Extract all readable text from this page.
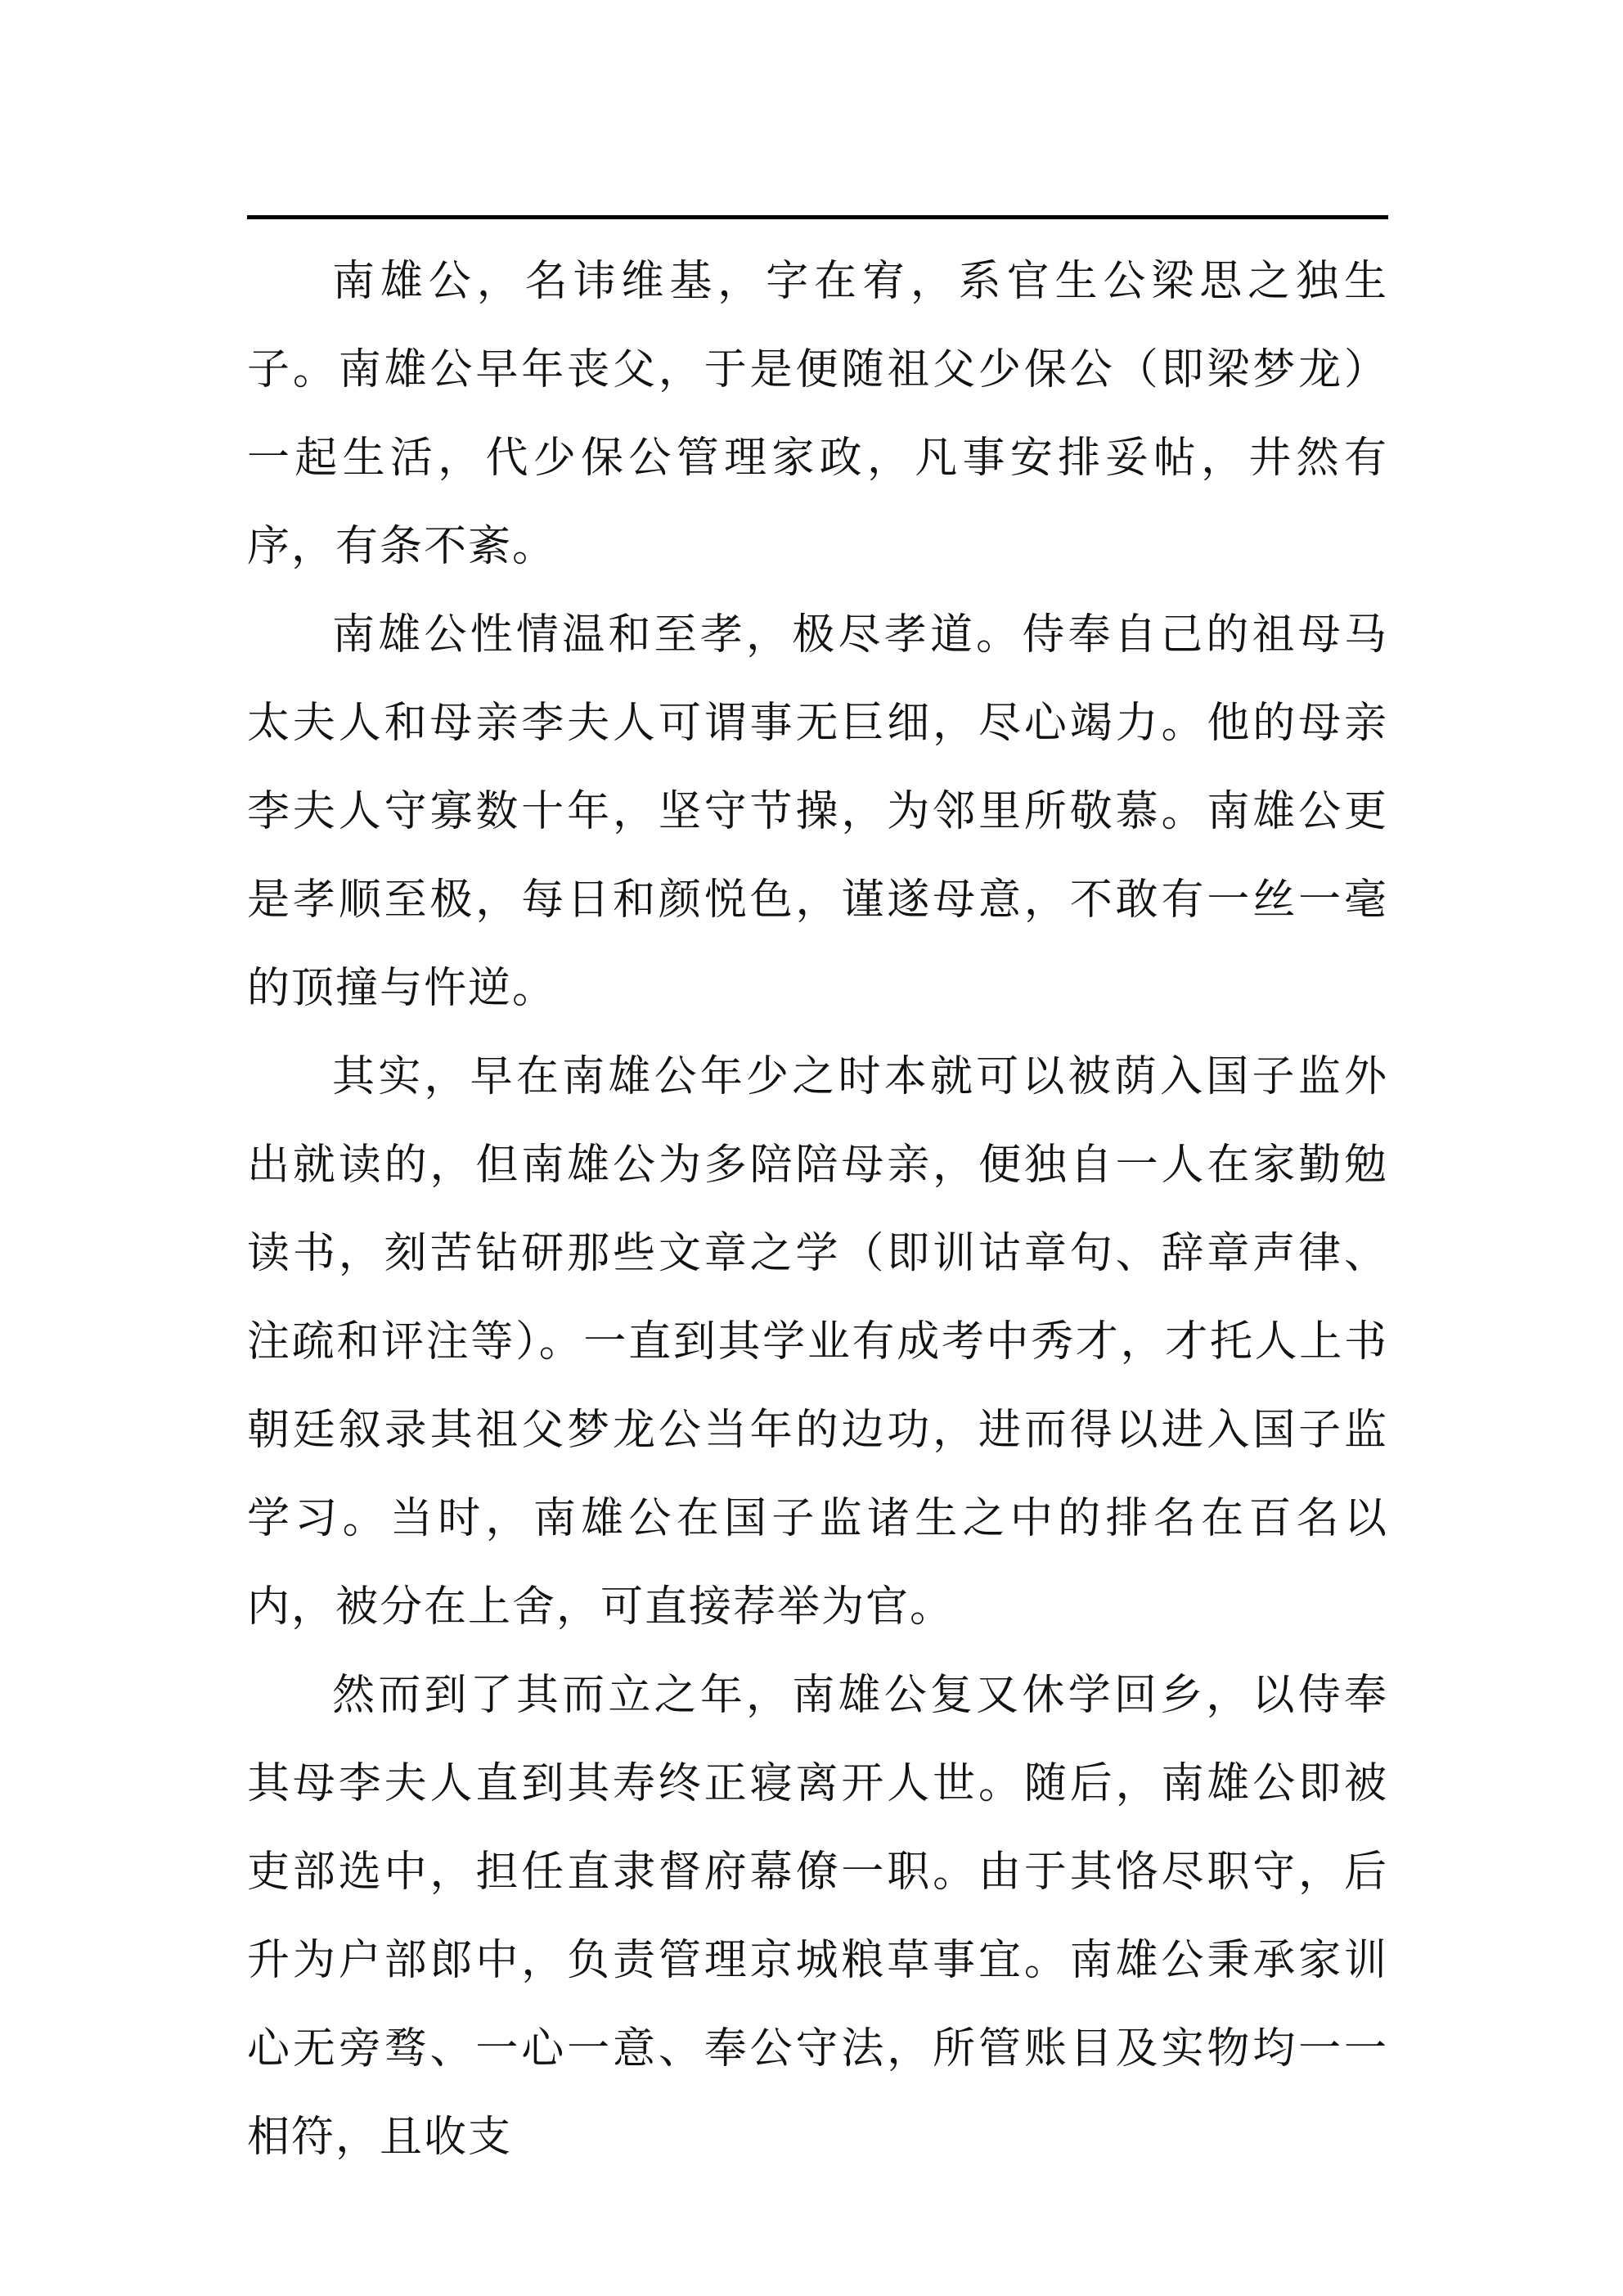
南雄公，名讳维基，字在宥，系官生公梁思之独生子。南雄公早年丧父，于是便随祖父少保公（即梁梦龙）一起生活，代少保公管理家政，凡事安排妥帖，井然有序，有条不紊。

南雄公性情温和至孝，极尽孝道。侍奉自己的祖母马太夫人和母亲李夫人可谓事无巨细，尽心竭力。他的母亲李夫人守寡数十年，坚守节操，为邻里所敬慕。南雄公更是孝顺至极，每日和颜悦色，谨遂母意，不敢有一丝一毫的顶撞与忤逆。

其实，早在南雄公年少之时本就可以被荫入国子监外出就读的，但南雄公为多陪陪母亲，便独自一人在家勤勉读书，刻苦钻研那些文章之学（即训诂章句、辞章声律、注疏和评注等）。一直到其学业有成考中秀才，才托人上书朝廷叙录其祖父梦龙公当年的边功，进而得以进入国子监学习。当时，南雄公在国子监诸生之中的排名在百名以内，被分在上舍，可直接荐举为官。

然而到了其而立之年，南雄公复又休学回乡，以侍奉其母李夫人直到其寿终正寝离开人世。随后，南雄公即被吏部选中，担任直隶督府幕僚一职。由于其恪尽职守，后升为户部郎中，负责管理京城粮草事宜。南雄公秉承家训心无旁骛、一心一意、奉公守法，所管账目及实物均一一相符，且收支
